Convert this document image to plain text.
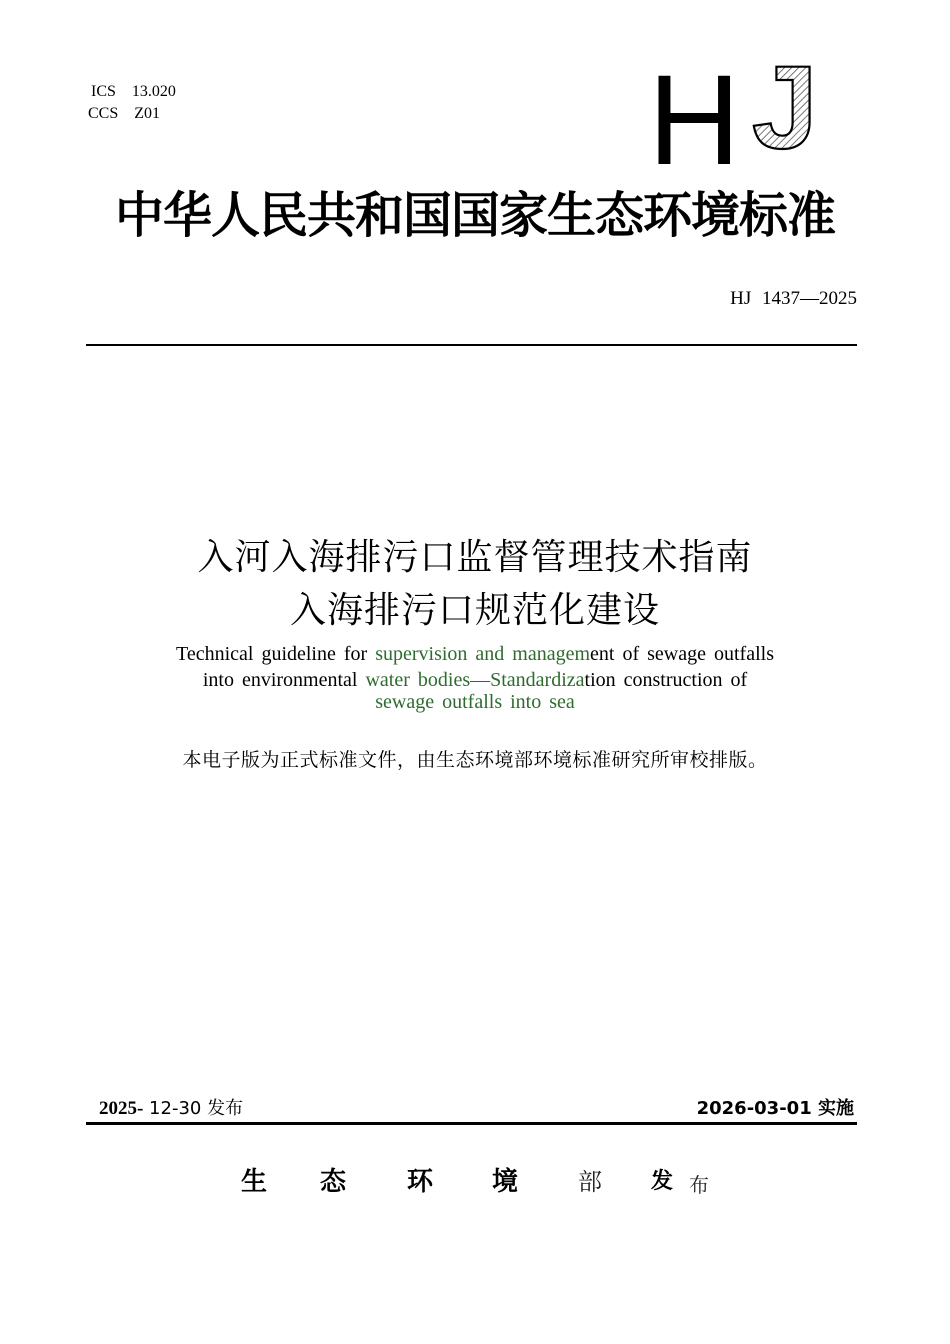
ICS 13.020
CCS Z01	H J
中华人民共和国国家生态环境标准
HJ 1437—2025
入河入海排污口监督管理技术指南
入海排污口规范化建设
Technical guideline for supervision and management of sewage outfalls
into environmental water bodies—Standardization construction of
sewage outfalls into sea
本电子版为正式标准文件，由生态环境部环境标准研究所审校排版。
2025- 12-30 发布	2026-03-01 实施
生 态 环 境 部 发 布
